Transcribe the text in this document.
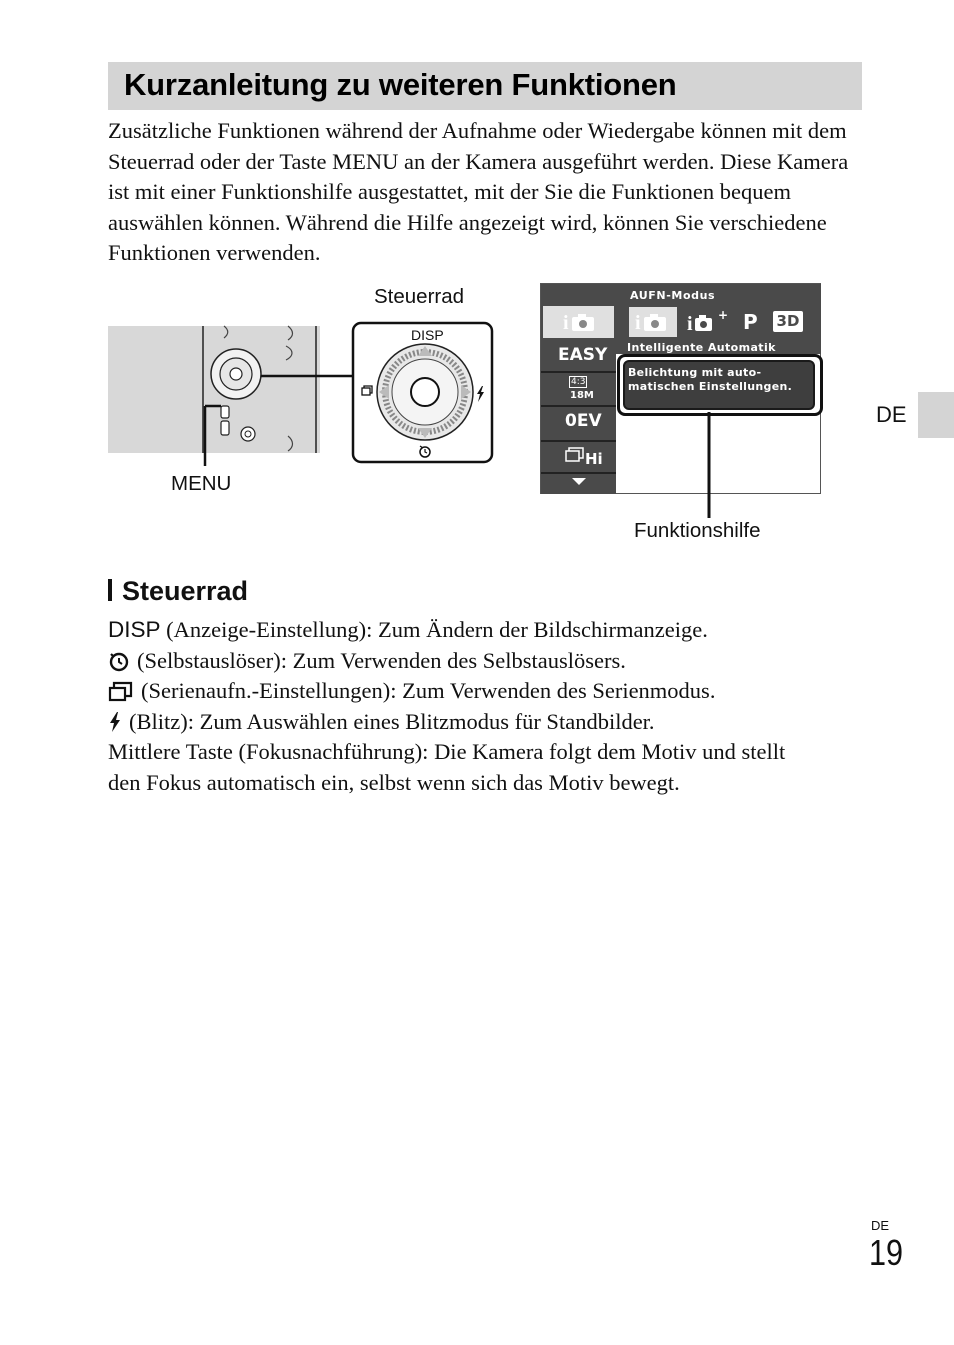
Kurzanleitung zu weiteren Funktionen

Zusätzliche Funktionen während der Aufnahme oder Wiedergabe können mit dem Steuerrad oder der Taste MENU an der Kamera ausgeführt werden. Diese Kamera ist mit einer Funktionshilfe ausgestattet, mit der Sie die Funktionen bequem auswählen können. Während die Hilfe angezeigt wird, können Sie verschiedene Funktionen verwenden.

DE
DISP
Steuerrad
MENU
AUFN-Modus
i
EASY
4:3
18M
0EV
Hi
i i + P 3D
Intelligente Automatik
Belichtung mit auto-
matischen Einstellungen.
Funktionshilfe
Steuerrad
DISP (Anzeige-Einstellung): Zum Ändern der Bildschirmanzeige.
(Selbstauslöser): Zum Verwenden des Selbstauslösers.
(Serienaufn.-Einstellungen): Zum Verwenden des Serienmodus.
(Blitz): Zum Auswählen eines Blitzmodus für Standbilder.
Mittlere Taste (Fokusnachführung): Die Kamera folgt dem Motiv und stellt
den Fokus automatisch ein, selbst wenn sich das Motiv bewegt.
DE
19
